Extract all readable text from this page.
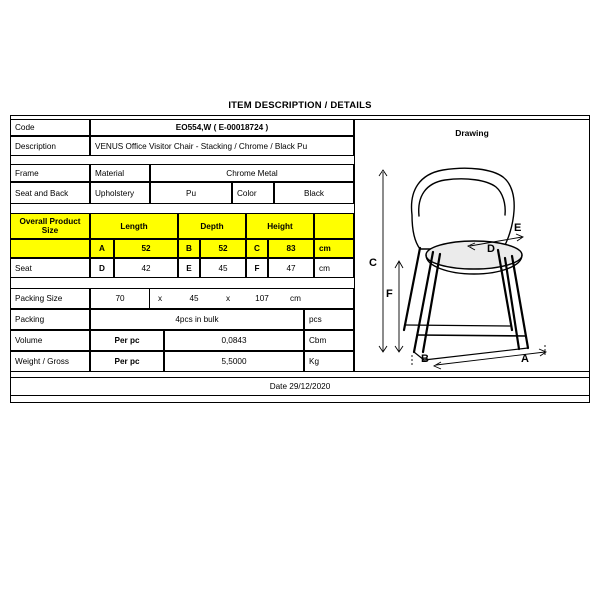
ITEM DESCRIPTION / DETAILS
Code	EO554,W ( E-00018724 )
Description	VENUS Office Visitor Chair - Stacking / Chrome / Black Pu
Frame	Material	Chrome Metal
Seat and Back	Upholstery	Pu	Color	Black
Overall Product Size	Length	Depth	Height
A	52	B	52	C	83	cm
Seat	D	42	E	45	F	47	cm
Packing Size	70	x	45	x	107	cm
Packing	4pcs in bulk	pcs
Volume	Per pc	0,0843	Cbm
Weight / Gross	Per pc	5,5000	Kg
Drawing
C
F
B	A
D
E
Date 29/12/2020
